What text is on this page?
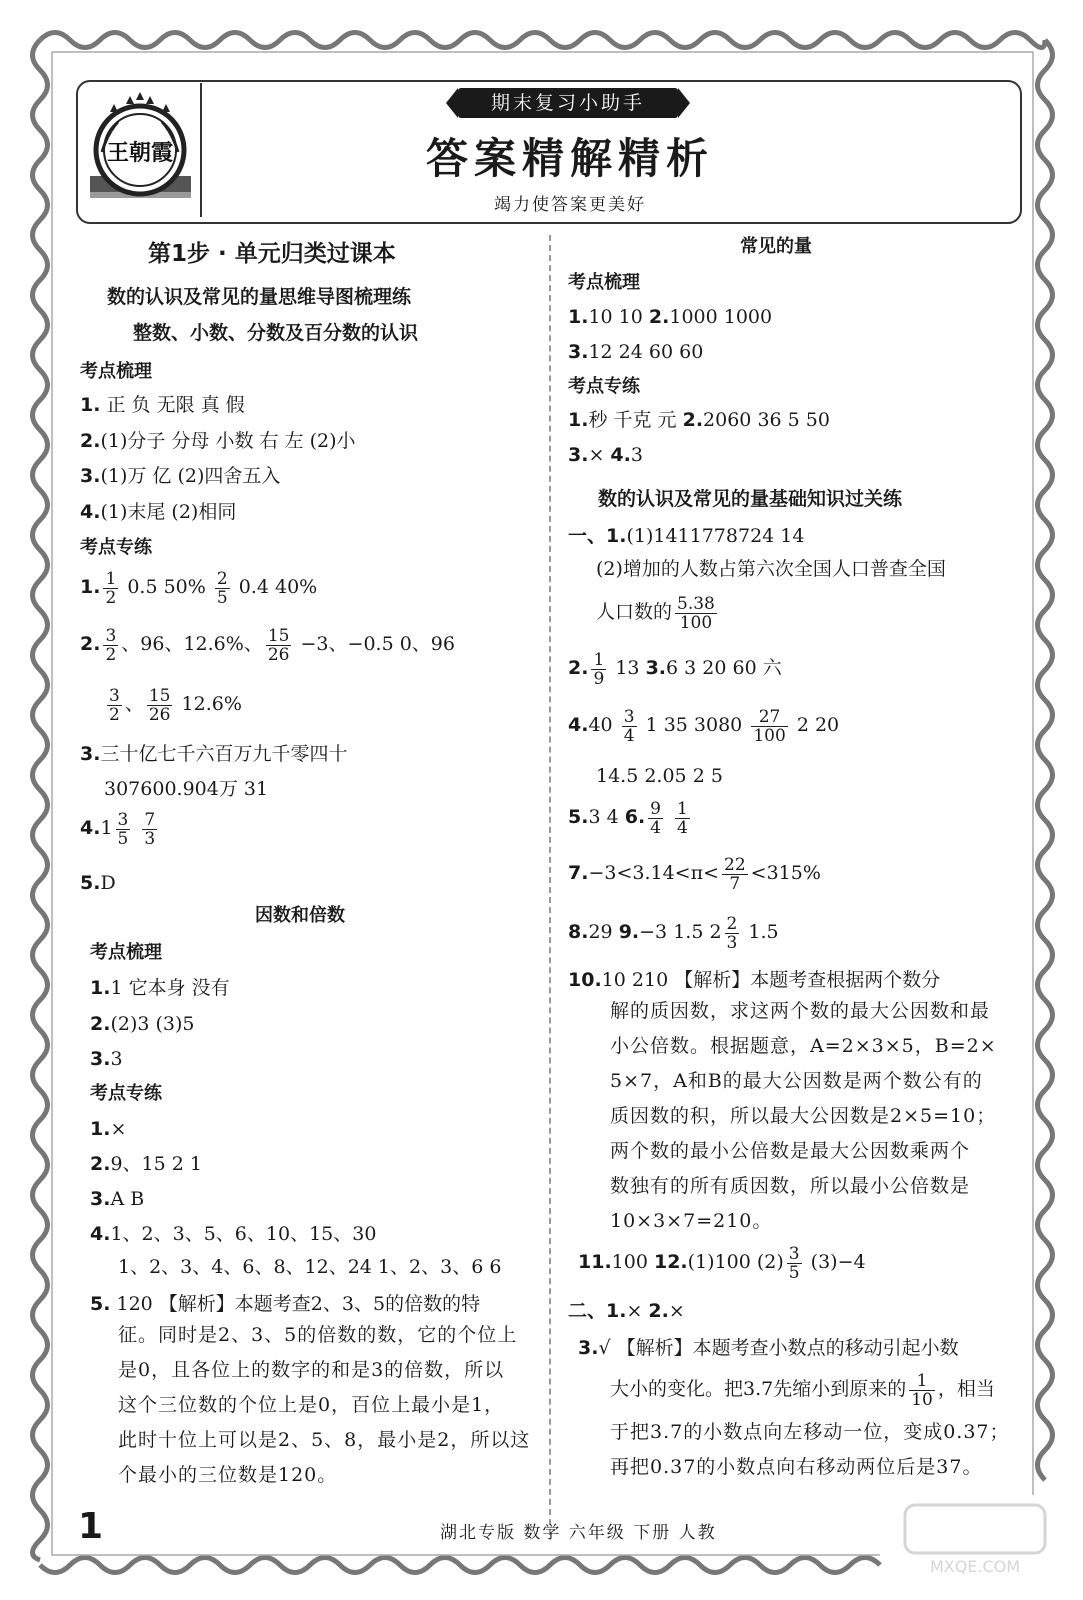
王朝霞
期末复习小助手
答案精解精析
竭力使答案更美好
第1步 · 单元归类过课本
数的认识及常见的量思维导图梳理练
整数、小数、分数及百分数的认识
考点梳理
1. 正 负 无限 真 假
2.(1)分子 分母 小数 右 左 (2)小
3.(1)万 亿 (2)四舍五入
4.(1)末尾 (2)相同
考点专练
1. $\frac{1}{2} 0.5$ $50\% \frac{2}{5} 0.4$ 40%
2. $\frac{3}{2}$ 、96、12.6%、 $\frac{15}{26} -3$、−0.5 0、96
$\frac{3}{2}$ 、 $\frac{15}{26} 12.6\%$
3.三十亿七千六百万九千零四十
307600.904万 31
$4.1 \frac{3}{5}$
$\frac{7}{3}$
5.D
因数和倍数
考点梳理
1.1 它本身 没有
2.(2)3 (3)5
3.3
考点专练
1.×
2.9、15 2 1
3.A B
4.1、2、3、5、6、10、15、30
1、2、3、4、6、8、12、24 1、2、3、6 6
5. 120 【解析】本题考查2、3、5的倍数的特
征。同时是2、3、5的倍数的数，它的个位上
是0，且各位上的数字的和是3的倍数，所以
这个三位数的个位上是0，百位上最小是1，
此时十位上可以是2、5、8，最小是2，所以这
个最小的三位数是120。
常见的量
考点梳理
1.10 10 2.1000 1000
3.12 24 60 60
考点专练
1.秒 千克 元 2.2060 36 5 50
3.× 4.3
数的认识及常见的量基础知识过关练
一、1.(1)1411778724 14
(2)增加的人数占第六次全国人口普查全国
人口数的 $\frac{5.38}{100}$
2. $\frac{1}{9} 13$ 3.6 3 20 60 六
$4.40 \frac{3}{4} 1$ 35 $3080 \frac{27}{100} 2$ 20
14.5 2.05 2 5
5.3 4 6. $\frac{9}{4}$
$\frac{1}{4}$
$7.-3<3.14<\pi< \frac{22}{7} <315\%$
8.29 9.−3 1.5 $2 \frac{2}{3} 1.5$
10.10 210 【解析】本题考查根据两个数分
解的质因数，求这两个数的最大公因数和最
小公倍数。根据题意，A=2×3×5，B=2×
5×7，A和B的最大公因数是两个数公有的
质因数的积，所以最大公因数是2×5=10；
两个数的最小公倍数是最大公因数乘两个
数独有的所有质因数，所以最小公倍数是
10×3×7=210。
11.100 12.(1)100 $(2) \frac{3}{5} (3)-4$
二、1.× 2.×
3.√ 【解析】本题考查小数点的移动引起小数
大小的变化。把3.7先缩小到原来的 $\frac{1}{10}$ ，相当
于把3.7的小数点向左移动一位，变成0.37；
再把0.37的小数点向右移动两位后是37。
1	湖北专版 数学 六年级 下册 人教
MXQE.COM
